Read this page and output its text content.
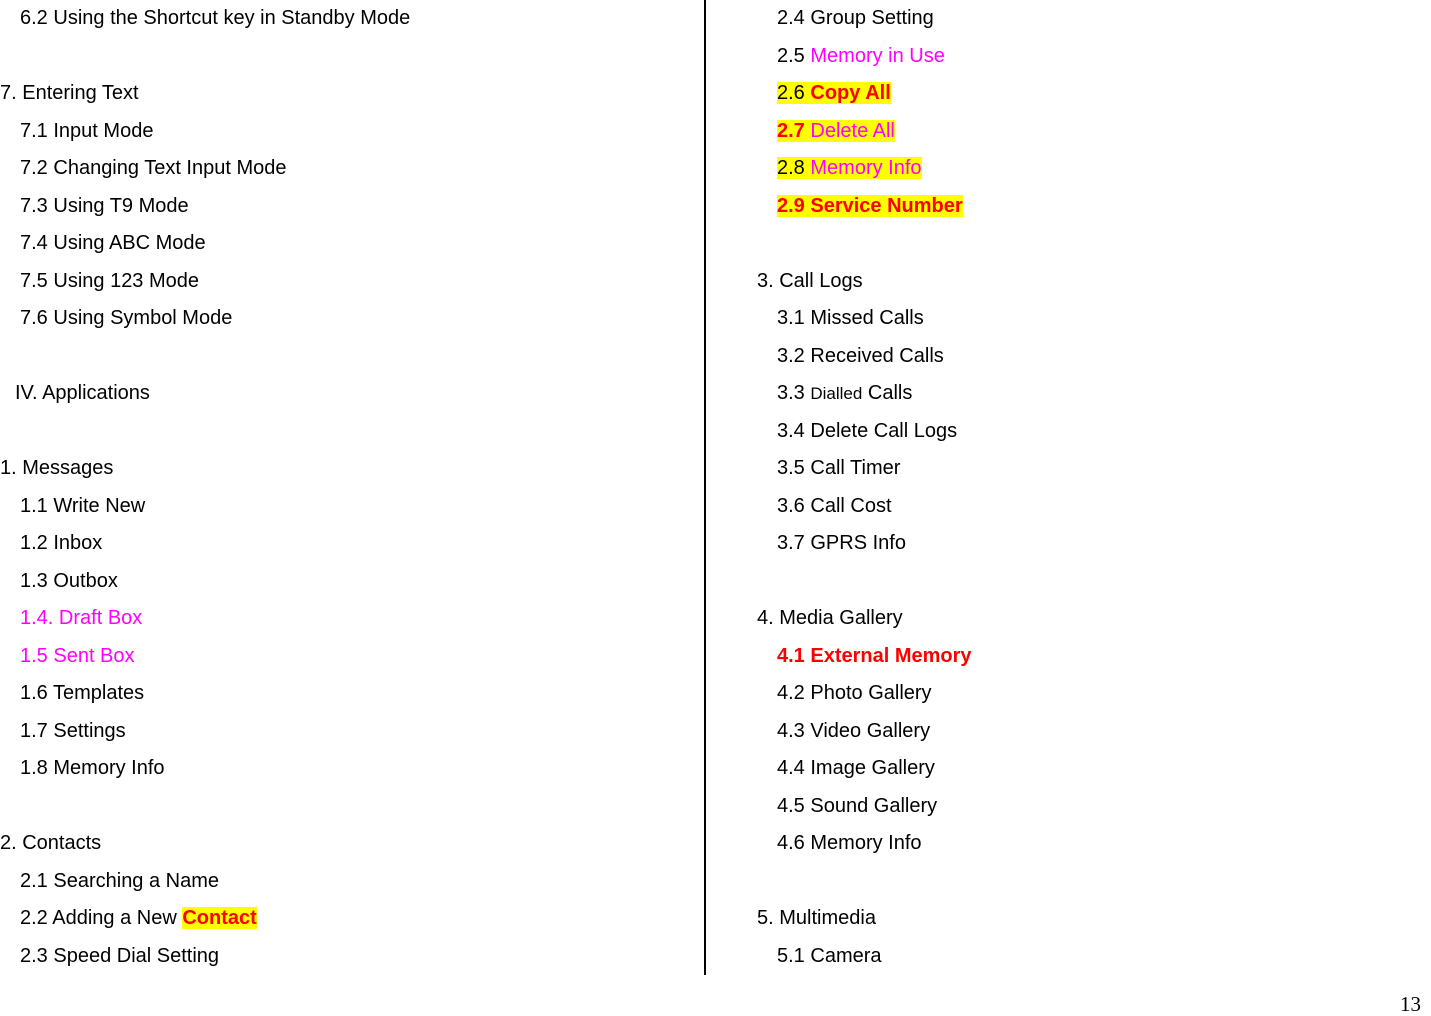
6.2 Using the Shortcut key in Standby Mode
7. Entering Text
7.1 Input Mode
7.2 Changing Text Input Mode
7.3 Using T9 Mode
7.4 Using ABC Mode
7.5 Using 123 Mode
7.6 Using Symbol Mode
IV. Applications
1. Messages
1.1 Write New
1.2 Inbox
1.3 Outbox
1.4. Draft Box
1.5 Sent Box
1.6 Templates
1.7 Settings
1.8 Memory Info
2. Contacts
2.1 Searching a Name
2.2 Adding a New Contact
2.3 Speed Dial Setting
2.4 Group Setting
2.5 Memory in Use
2.6 Copy All
2.7 Delete All
2.8 Memory Info
2.9 Service Number
3. Call Logs
3.1 Missed Calls
3.2 Received Calls
3.3 Dialled Calls
3.4 Delete Call Logs
3.5 Call Timer
3.6 Call Cost
3.7 GPRS Info
4. Media Gallery
4.1 External Memory
4.2 Photo Gallery
4.3 Video Gallery
4.4 Image Gallery
4.5 Sound Gallery
4.6 Memory Info
5. Multimedia
5.1 Camera
13
